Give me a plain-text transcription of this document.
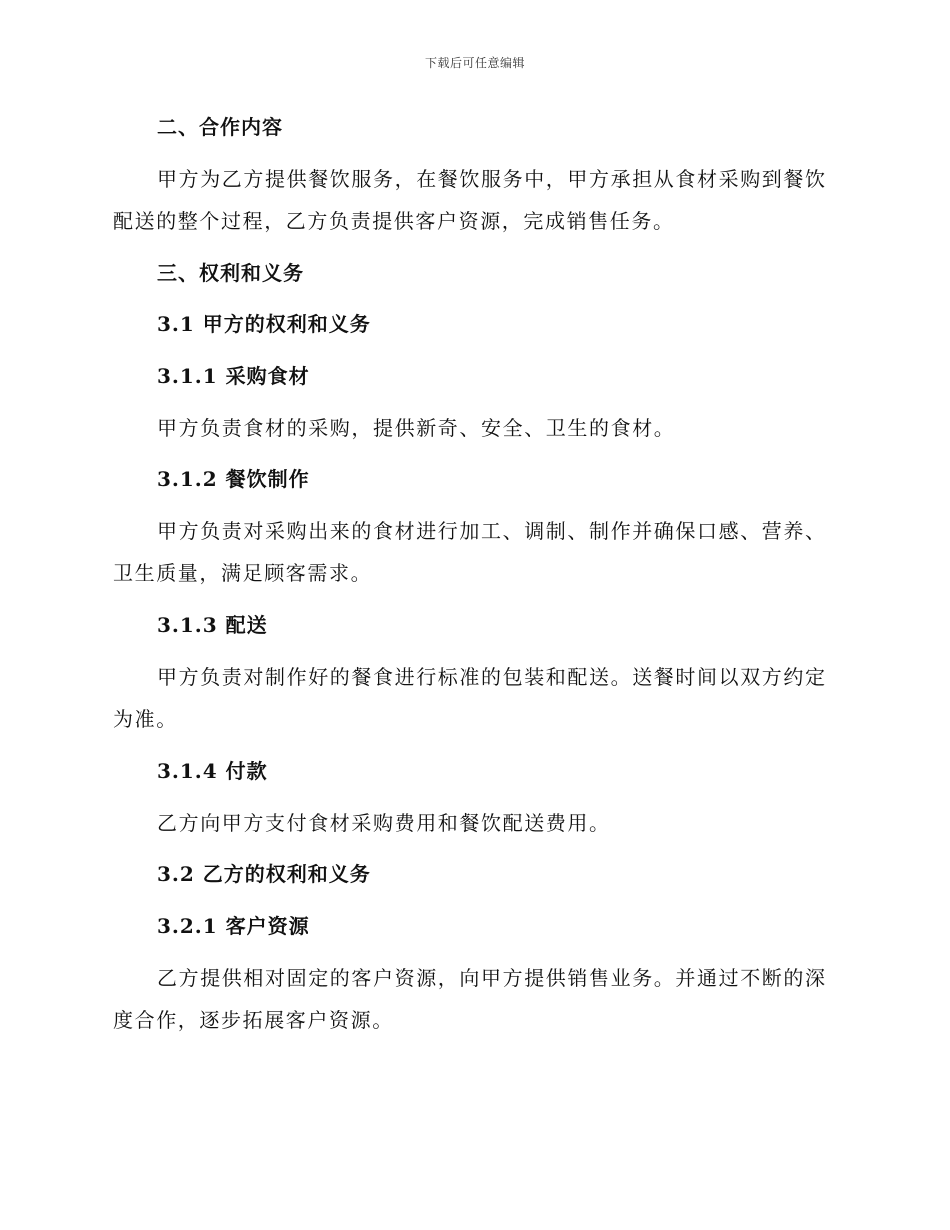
下载后可任意编辑

二、合作内容

甲方为乙方提供餐饮服务，在餐饮服务中，甲方承担从食材采购到餐饮配送的整个过程，乙方负责提供客户资源，完成销售任务。

三、权利和义务

3.1 甲方的权利和义务

3.1.1 采购食材

甲方负责食材的采购，提供新奇、安全、卫生的食材。

3.1.2 餐饮制作

甲方负责对采购出来的食材进行加工、调制、制作并确保口感、营养、卫生质量，满足顾客需求。

3.1.3 配送

甲方负责对制作好的餐食进行标准的包装和配送。送餐时间以双方约定为准。

3.1.4 付款

乙方向甲方支付食材采购费用和餐饮配送费用。

3.2 乙方的权利和义务

3.2.1 客户资源

乙方提供相对固定的客户资源，向甲方提供销售业务。并通过不断的深度合作，逐步拓展客户资源。
